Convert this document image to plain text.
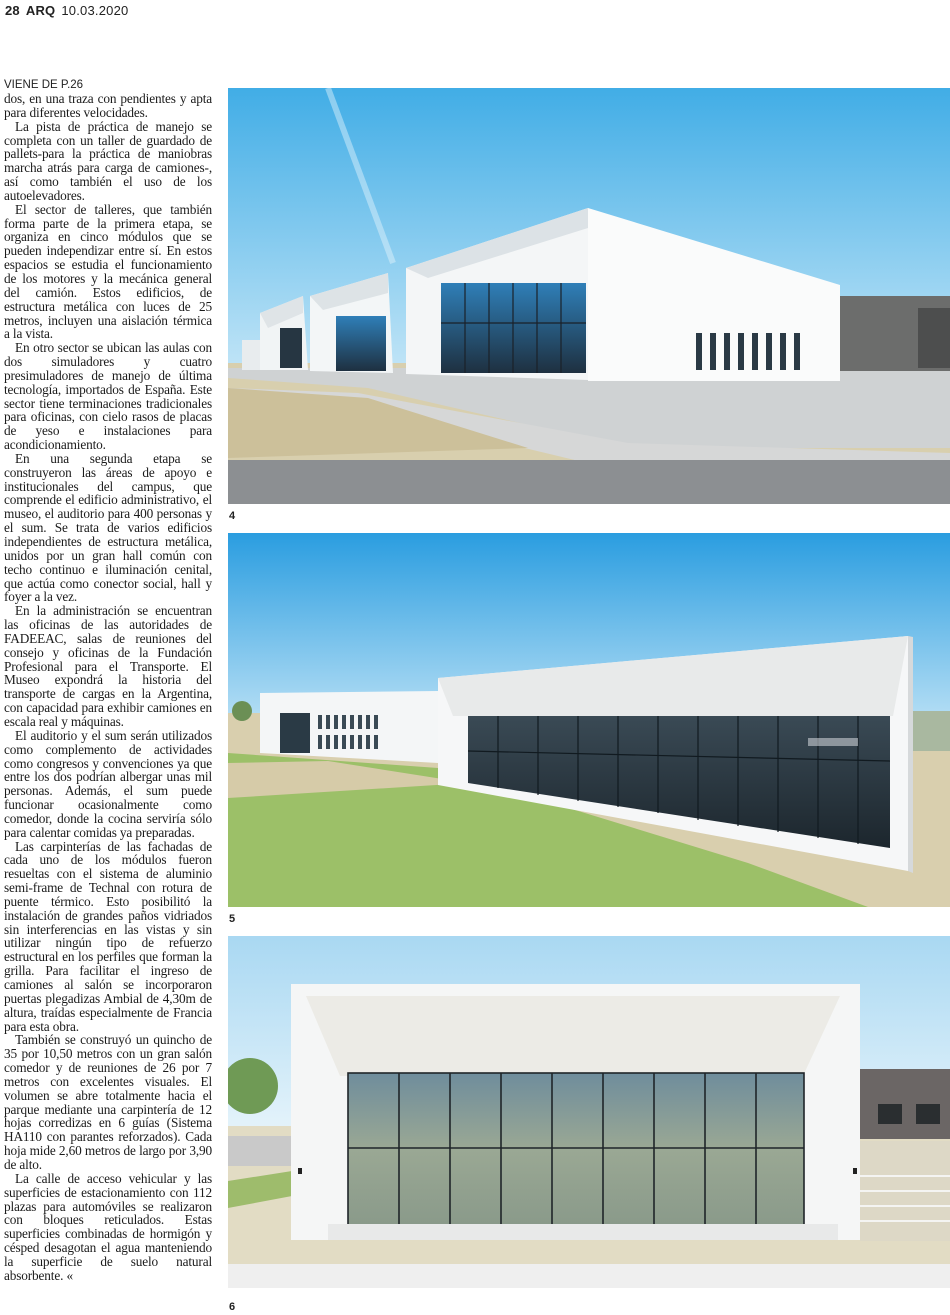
28 ARQ 10.03.2020
VIENE DE P.26

dos, en una traza con pendientes y apta para diferentes velocidades.

La pista de práctica de manejo se completa con un taller de guardado de pallets-para la práctica de maniobras marcha atrás para carga de camiones-, así como también el uso de los autoelevadores.

El sector de talleres, que también forma parte de la primera etapa, se organiza en cinco módulos que se pueden independizar entre sí. En estos espacios se estudia el funcionamiento de los motores y la mecánica general del camión. Estos edificios, de estructura metálica con luces de 25 metros, incluyen una aislación térmica a la vista.

En otro sector se ubican las aulas con dos simuladores y cuatro presimuladores de manejo de última tecnología, importados de España. Este sector tiene terminaciones tradicionales para oficinas, con cielo rasos de placas de yeso e instalaciones para acondicionamiento.

En una segunda etapa se construyeron las áreas de apoyo e institucionales del campus, que comprende el edificio administrativo, el museo, el auditorio para 400 personas y el sum. Se trata de varios edificios independientes de estructura metálica, unidos por un gran hall común con techo continuo e iluminación cenital, que actúa como conector social, hall y foyer a la vez.

En la administración se encuentran las oficinas de las autoridades de FADEEAC, salas de reuniones del consejo y oficinas de la Fundación Profesional para el Transporte. El Museo expondrá la historia del transporte de cargas en la Argentina, con capacidad para exhibir camiones en escala real y máquinas.

El auditorio y el sum serán utilizados como complemento de actividades como congresos y convenciones ya que entre los dos podrían albergar unas mil personas. Además, el sum puede funcionar ocasionalmente como comedor, donde la cocina serviría sólo para calentar comidas ya preparadas.

Las carpinterías de las fachadas de cada uno de los módulos fueron resueltas con el sistema de aluminio semi-frame de Technal con rotura de puente térmico. Esto posibilitó la instalación de grandes paños vidriados sin interferencias en las vistas y sin utilizar ningún tipo de refuerzo estructural en los perfiles que forman la grilla. Para facilitar el ingreso de camiones al salón se incorporaron puertas plegadizas Ambial de 4,30m de altura, traídas especialmente de Francia para esta obra.

También se construyó un quincho de 35 por 10,50 metros con un gran salón comedor y de reuniones de 26 por 7 metros con excelentes visuales. El volumen se abre totalmente hacia el parque mediante una carpintería de 12 hojas corredizas en 6 guías (Sistema HA110 con parantes reforzados). Cada hoja mide 2,60 metros de largo por 3,90 de alto.

La calle de acceso vehicular y las superficies de estacionamiento con 112 plazas para automóviles se realizaron con bloques reticulados. Estas superficies combinadas de hormigón y césped desagotan el agua manteniendo la superficie de suelo natural absorbente. «

4
5
6
